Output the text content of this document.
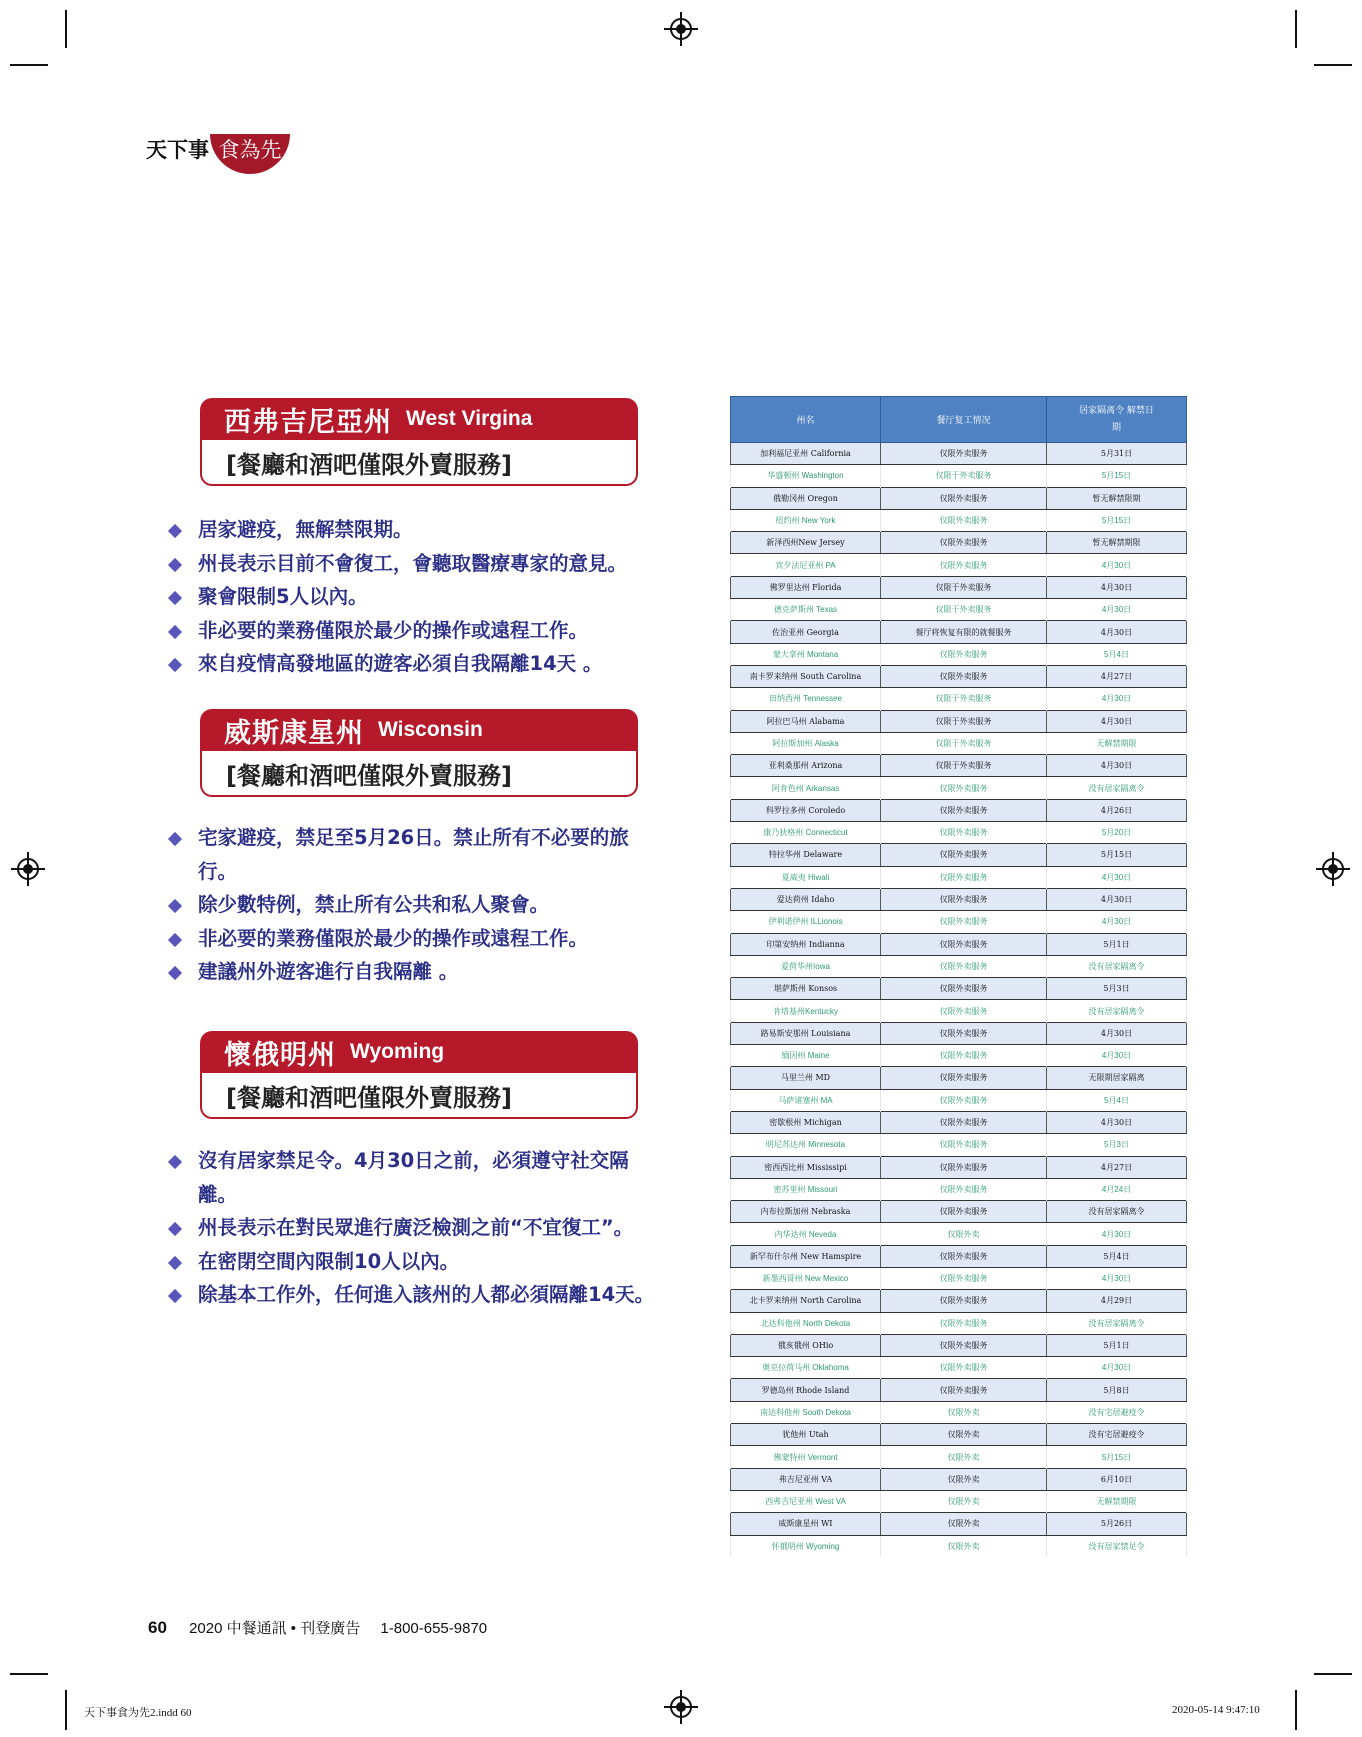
天下事 食為先
西弗吉尼亞州 West Virgina
[餐廳和酒吧僅限外賣服務]
居家避疫，無解禁限期。
州長表示目前不會復工，會聽取醫療專家的意見。
聚會限制5人以內。
非必要的業務僅限於最少的操作或遠程工作。
來自疫情高發地區的遊客必須自我隔離14天 。
威斯康星州 Wisconsin
[餐廳和酒吧僅限外賣服務]
宅家避疫，禁足至5月26日。禁止所有不必要的旅行。
除少數特例，禁止所有公共和私人聚會。
非必要的業務僅限於最少的操作或遠程工作。
建議州外遊客進行自我隔離 。
懷俄明州 Wyoming
[餐廳和酒吧僅限外賣服務]
沒有居家禁足令。4月30日之前，必須遵守社交隔離。
州長表示在對民眾進行廣泛檢測之前“不宜復工”。
在密閉空間內限制10人以內。
除基本工作外，任何進入該州的人都必須隔離14天。
州名	餐厅复工情况	居家隔离令 解禁日期
加利福尼亚州 California	仅限外卖服务	5月31日
华盛顿州 Washington	仅限于外卖服务	5月15日
俄勒冈州 Oregon	仅限外卖服务	暂无解禁限期
纽约州 New York	仅限外卖服务	5月15日
新泽西州New Jersey	仅限外卖服务	暂无解禁期限
宾夕法尼亚州 PA	仅限外卖服务	4月30日
佛罗里达州 Florida	仅限于外卖服务	4月30日
德克萨斯州 Texas	仅限于外卖服务	4月30日
佐治亚州 Georgia	餐厅将恢复有限的就餐服务	4月30日
蒙大拿州 Montana	仅限外卖服务	5月4日
南卡罗来纳州 South Carolina	仅限外卖服务	4月27日
田纳西州 Tennessee	仅限于外卖服务	4月30日
阿拉巴马州 Alabama	仅限于外卖服务	4月30日
阿拉斯加州 Alaska	仅限于外卖服务	无解禁期限
亚利桑那州 Arizona	仅限于外卖服务	4月30日
阿肯色州 Arkansas	仅限外卖服务	没有居家隔离令
科罗拉多州 Coroledo	仅限外卖服务	4月26日
康乃狄格州 Connecticut	仅限外卖服务	5月20日
特拉华州 Delaware	仅限外卖服务	5月15日
夏威夷 Hiwali	仅限外卖服务	4月30日
爱达荷州 Idaho	仅限外卖服务	4月30日
伊利诺伊州 ILLionois	仅限外卖服务	4月30日
印第安纳州 Indianna	仅限外卖服务	5月1日
爱荷华州Iowa	仅限外卖服务	没有居家隔离令
堪萨斯州 Konsos	仅限外卖服务	5月3日
肯塔基州Kentucky	仅限外卖服务	没有居家隔离令
路易斯安那州 Louisiana	仅限外卖服务	4月30日
缅因州 Maine	仅限外卖服务	4月30日
马里兰州 MD	仅限外卖服务	无限期居家隔离
马萨诸塞州 MA	仅限外卖服务	5月4日
密歇根州 Michigan	仅限外卖服务	4月30日
明尼苏达州 Minnesota	仅限外卖服务	5月3日
密西西比州 Mississipi	仅限外卖服务	4月27日
密苏里州 Missouri	仅限外卖服务	4月24日
内布拉斯加州 Nebraska	仅限外卖服务	没有居家隔离令
内华达州 Neveda	仅限外卖	4月30日
新罕布什尔州 New Hamspire	仅限外卖服务	5月4日
新墨西哥州 New Mexico	仅限外卖服务	4月30日
北卡罗来纳州 North Carolina	仅限外卖服务	4月29日
北达科他州 North Dekota	仅限外卖服务	没有居家隔离令
俄亥俄州 OHio	仅限外卖服务	5月1日
奥克拉荷马州 Oklahoma	仅限外卖服务	4月30日
罗德岛州 Rhode Island	仅限外卖服务	5月8日
南达科他州 South Dekota	仅限外卖	没有宅居避疫令
犹他州 Utah	仅限外卖	没有宅居避疫令
佛蒙特州 Vermont	仅限外卖	5月15日
弗吉尼亚州 VA	仅限外卖	6月10日
西弗吉尼亚州 West VA	仅限外卖	无解禁期限
威斯康星州 WI	仅限外卖	5月26日
怀俄明州 Wyoming	仅限外卖	没有居家禁足令
60 2020 中餐通訊 • 刊登廣告 1-800-655-9870
天下事食为先2.indd 60	2020-05-14 9:47:10
